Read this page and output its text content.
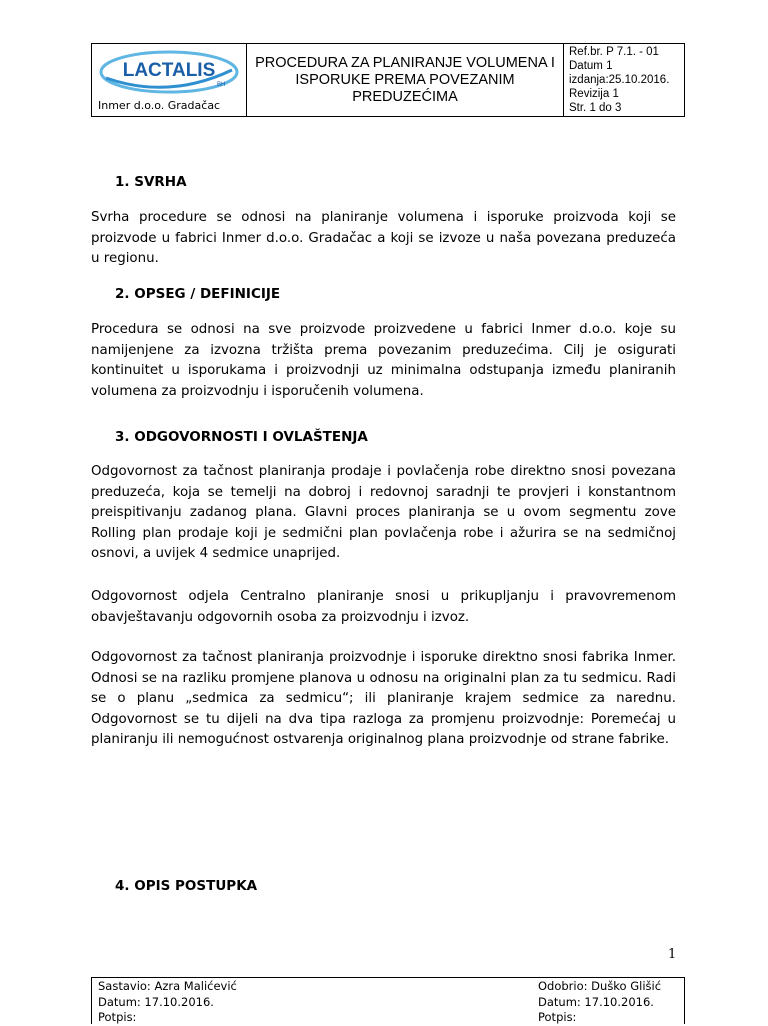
LACTALIS
BH
Inmer d.o.o. Gradačac
PROCEDURA ZA PLANIRANJE VOLUMENA I
ISPORUKE PREMA POVEZANIM
PREDUZEĆIMA
Ref.br. P 7.1. - 01
Datum 1
izdanja:25.10.2016.
Revizija 1
Str. 1 do 3
1. SVRHA

Svrha procedure se odnosi na planiranje volumena i isporuke proizvoda koji se proizvode u fabrici Inmer d.o.o. Gradačac a koji se izvoze u naša povezana preduzeća u regionu.

2. OPSEG / DEFINICIJE

Procedura se odnosi na sve proizvode proizvedene u fabrici Inmer d.o.o. koje su namijenjene za izvozna tržišta prema povezanim preduzećima. Cilj je osigurati kontinuitet u isporukama i proizvodnji uz minimalna odstupanja između planiranih volumena za proizvodnju i isporučenih volumena.

3. ODGOVORNOSTI I OVLAŠTENJA

Odgovornost za tačnost planiranja prodaje i povlačenja robe direktno snosi povezana preduzeća, koja se temelji na dobroj i redovnoj saradnji te provjeri i konstantnom preispitivanju zadanog plana. Glavni proces planiranja se u ovom segmentu zove Rolling plan prodaje koji je sedmični plan povlačenja robe i ažurira se na sedmičnoj osnovi, a uvijek 4 sedmice unaprijed.

Odgovornost odjela Centralno planiranje snosi u prikupljanju i pravovremenom obavještavanju odgovornih osoba za proizvodnju i izvoz.

Odgovornost za tačnost planiranja proizvodnje i isporuke direktno snosi fabrika Inmer. Odnosi se na razliku promjene planova u odnosu na originalni plan za tu sedmicu. Radi se o planu „sedmica za sedmicu“; ili planiranje krajem sedmice za narednu. Odgovornost se tu dijeli na dva tipa razloga za promjenu proizvodnje: Poremećaj u planiranju ili nemogućnost ostvarenja originalnog plana proizvodnje od strane fabrike.

4. OPIS POSTUPKA
1
Sastavio: Azra Malićević
Datum: 17.10.2016.
Potpis:
Odobrio: Duško Glišić
Datum: 17.10.2016.
Potpis:
